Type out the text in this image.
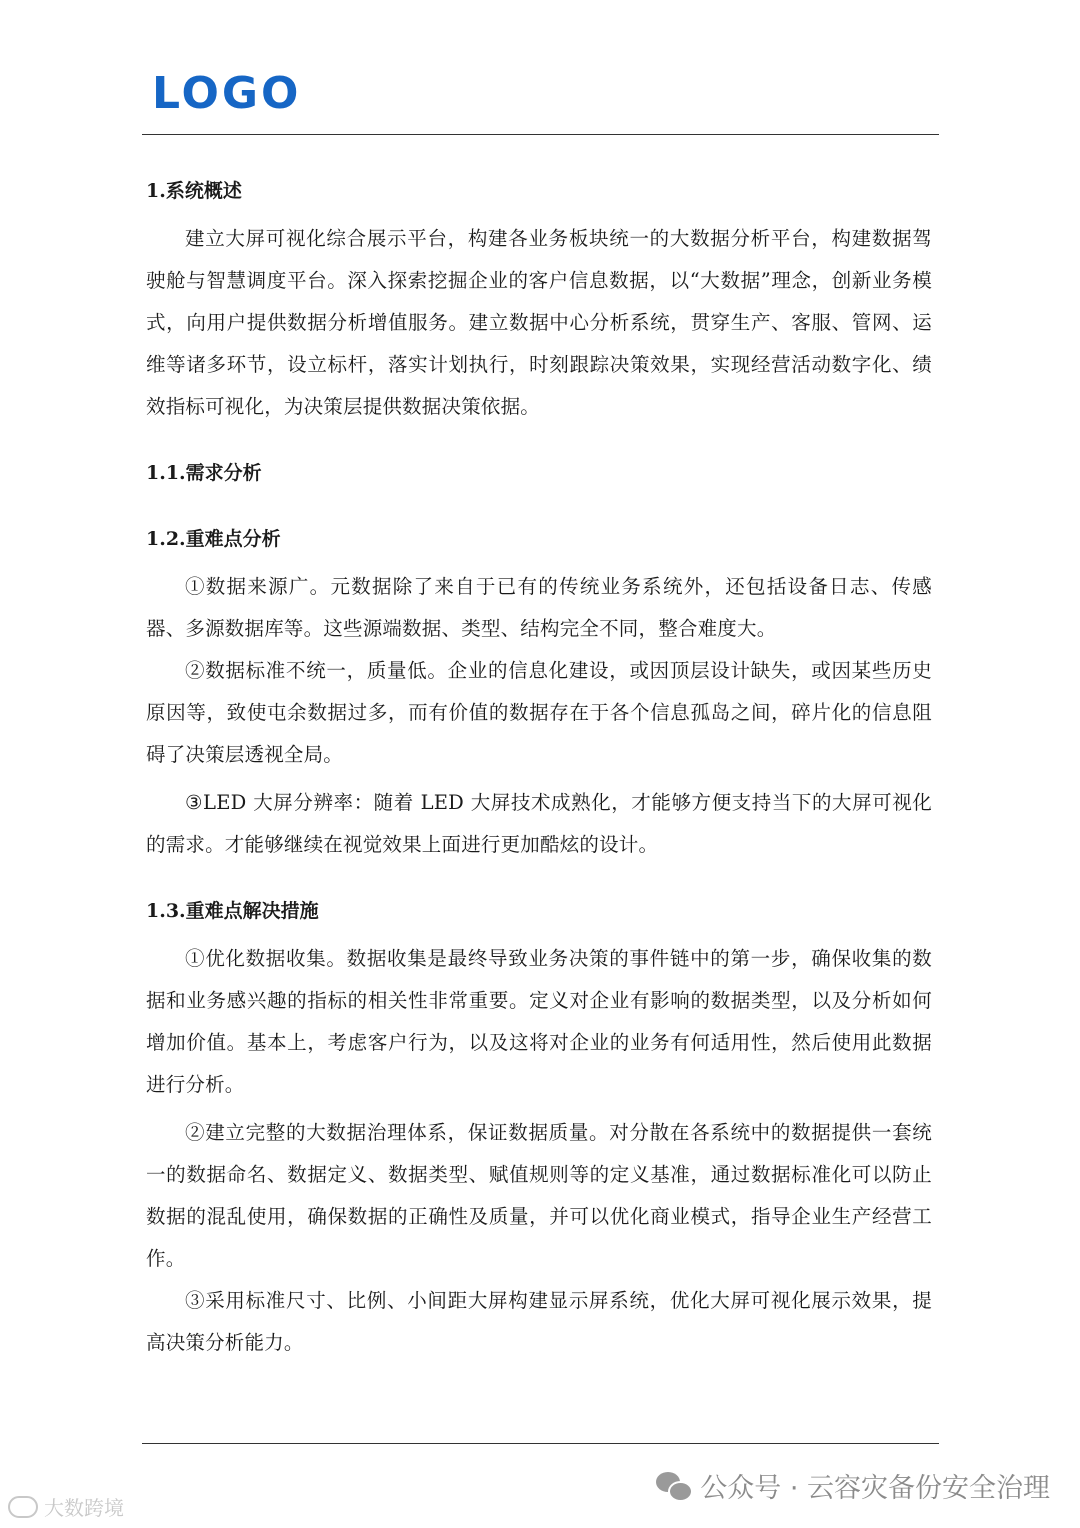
LOGO

1.系统概述

建立大屏可视化综合展示平台，构建各业务板块统一的大数据分析平台，构建数据驾驶舱与智慧调度平台。深入探索挖掘企业的客户信息数据，以“大数据”理念，创新业务模式，向用户提供数据分析增值服务。建立数据中心分析系统，贯穿生产、客服、管网、运维等诸多环节，设立标杆，落实计划执行，时刻跟踪决策效果，实现经营活动数字化、绩效指标可视化，为决策层提供数据决策依据。

1.1.需求分析

1.2.重难点分析

①数据来源广。元数据除了来自于已有的传统业务系统外，还包括设备日志、传感器、多源数据库等。这些源端数据、类型、结构完全不同，整合难度大。

②数据标准不统一，质量低。企业的信息化建设，或因顶层设计缺失，或因某些历史原因等，致使屯余数据过多，而有价值的数据存在于各个信息孤岛之间，碎片化的信息阻碍了决策层透视全局。

③LED 大屏分辨率：随着 LED 大屏技术成熟化，才能够方便支持当下的大屏可视化的需求。才能够继续在视觉效果上面进行更加酷炫的设计。

1.3.重难点解决措施

①优化数据收集。数据收集是最终导致业务决策的事件链中的第一步，确保收集的数据和业务感兴趣的指标的相关性非常重要。定义对企业有影响的数据类型，以及分析如何增加价值。基本上，考虑客户行为，以及这将对企业的业务有何适用性，然后使用此数据进行分析。

②建立完整的大数据治理体系，保证数据质量。对分散在各系统中的数据提供一套统一的数据命名、数据定义、数据类型、赋值规则等的定义基准，通过数据标准化可以防止数据的混乱使用，确保数据的正确性及质量，并可以优化商业模式，指导企业生产经营工作。

③采用标准尺寸、比例、小间距大屏构建显示屏系统，优化大屏可视化展示效果，提高决策分析能力。

大数跨境
公众号 · 云容灾备份安全治理
